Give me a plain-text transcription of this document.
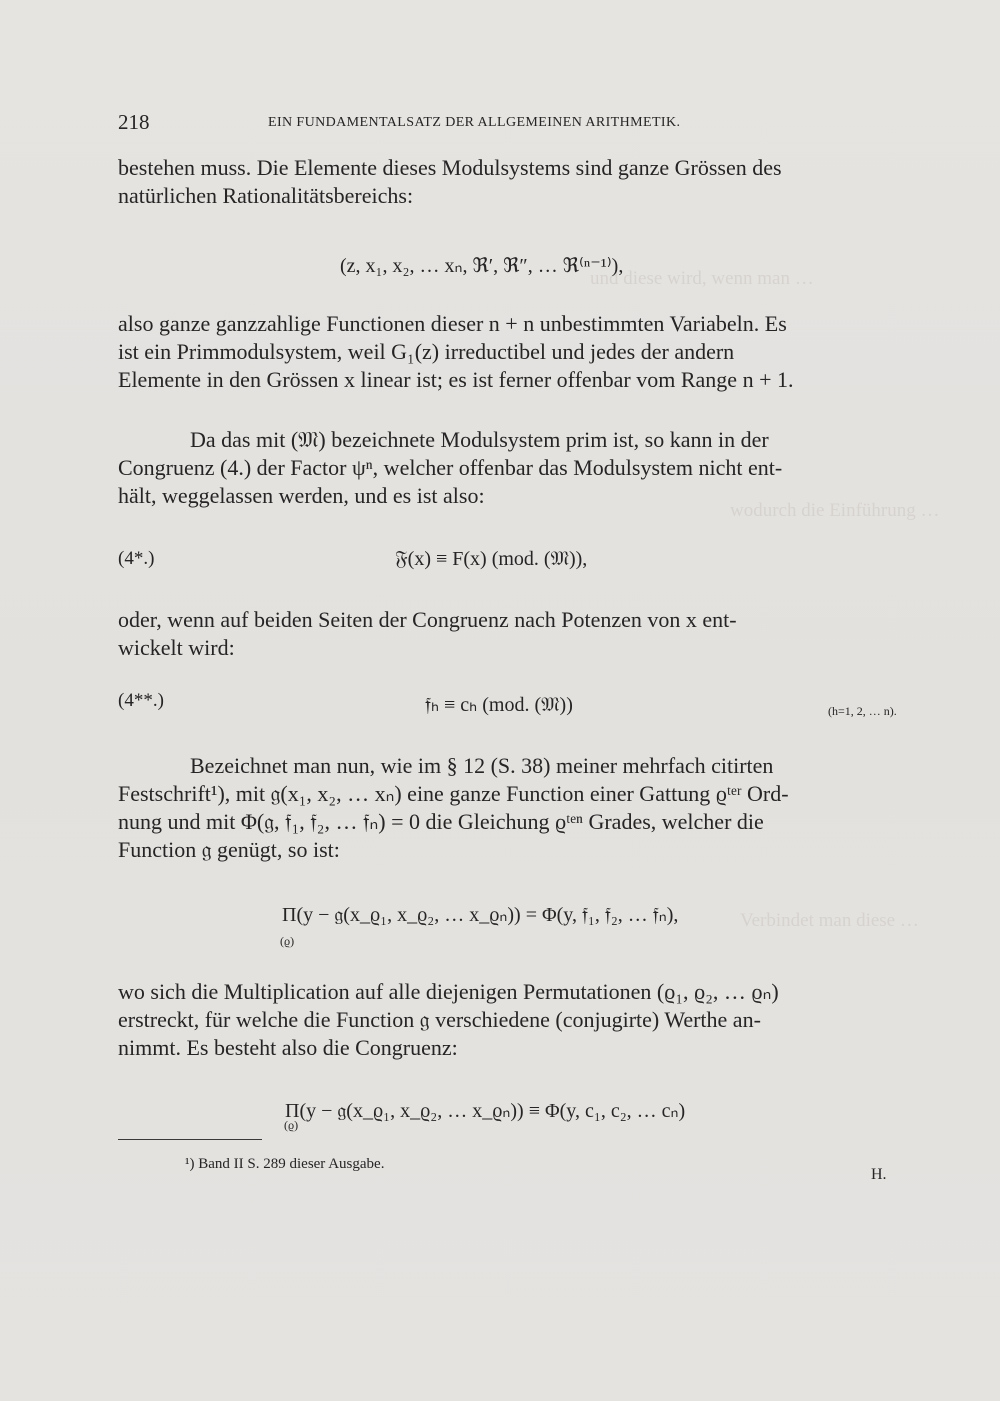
und diese wird, wenn man …
wodurch die Einführung …
Verbindet man diese …
218	EIN FUNDAMENTALSATZ DER ALLGEMEINEN ARITHMETIK.
bestehen muss. Die Elemente dieses Modulsystems sind ganze Grössen des
natürlichen Rationalitätsbereichs:
(z, x₁, x₂, … xₙ, ℜ′, ℜ″, … ℜ⁽ⁿ⁻¹⁾),
also ganze ganzzahlige Functionen dieser n + n unbestimmten Variabeln. Es
ist ein Primmodulsystem, weil G₁(z) irreductibel und jedes der andern
Elemente in den Grössen x linear ist; es ist ferner offenbar vom Range n + 1.
Da das mit (𝔐) bezeichnete Modulsystem prim ist, so kann in der
Congruenz (4.) der Factor ψⁿ, welcher offenbar das Modulsystem nicht ent-
hält, weggelassen werden, und es ist also:
(4*.)	𝔉(x) ≡ F(x) (mod. (𝔐)),
oder, wenn auf beiden Seiten der Congruenz nach Potenzen von x ent-
wickelt wird:
(4**.)	𝔣ₕ ≡ cₕ (mod. (𝔐))	(h=1, 2, … n).
Bezeichnet man nun, wie im § 12 (S. 38) meiner mehrfach citirten
Festschrift¹), mit 𝔤(x₁, x₂, … xₙ) eine ganze Function einer Gattung ϱᵗᵉʳ Ord-
nung und mit Φ(𝔤, 𝔣₁, 𝔣₂, … 𝔣ₙ) = 0 die Gleichung ϱᵗᵉⁿ Grades, welcher die
Function 𝔤 genügt, so ist:
Π(y − 𝔤(x_ϱ₁, x_ϱ₂, … x_ϱₙ)) = Φ(y, 𝔣₁, 𝔣₂, … 𝔣ₙ),
(ϱ)
wo sich die Multiplication auf alle diejenigen Permutationen (ϱ₁, ϱ₂, … ϱₙ)
erstreckt, für welche die Function 𝔤 verschiedene (conjugirte) Werthe an-
nimmt. Es besteht also die Congruenz:
Π(y − 𝔤(x_ϱ₁, x_ϱ₂, … x_ϱₙ)) ≡ Φ(y, c₁, c₂, … cₙ)
(ϱ)
¹) Band II S. 289 dieser Ausgabe.
H.
